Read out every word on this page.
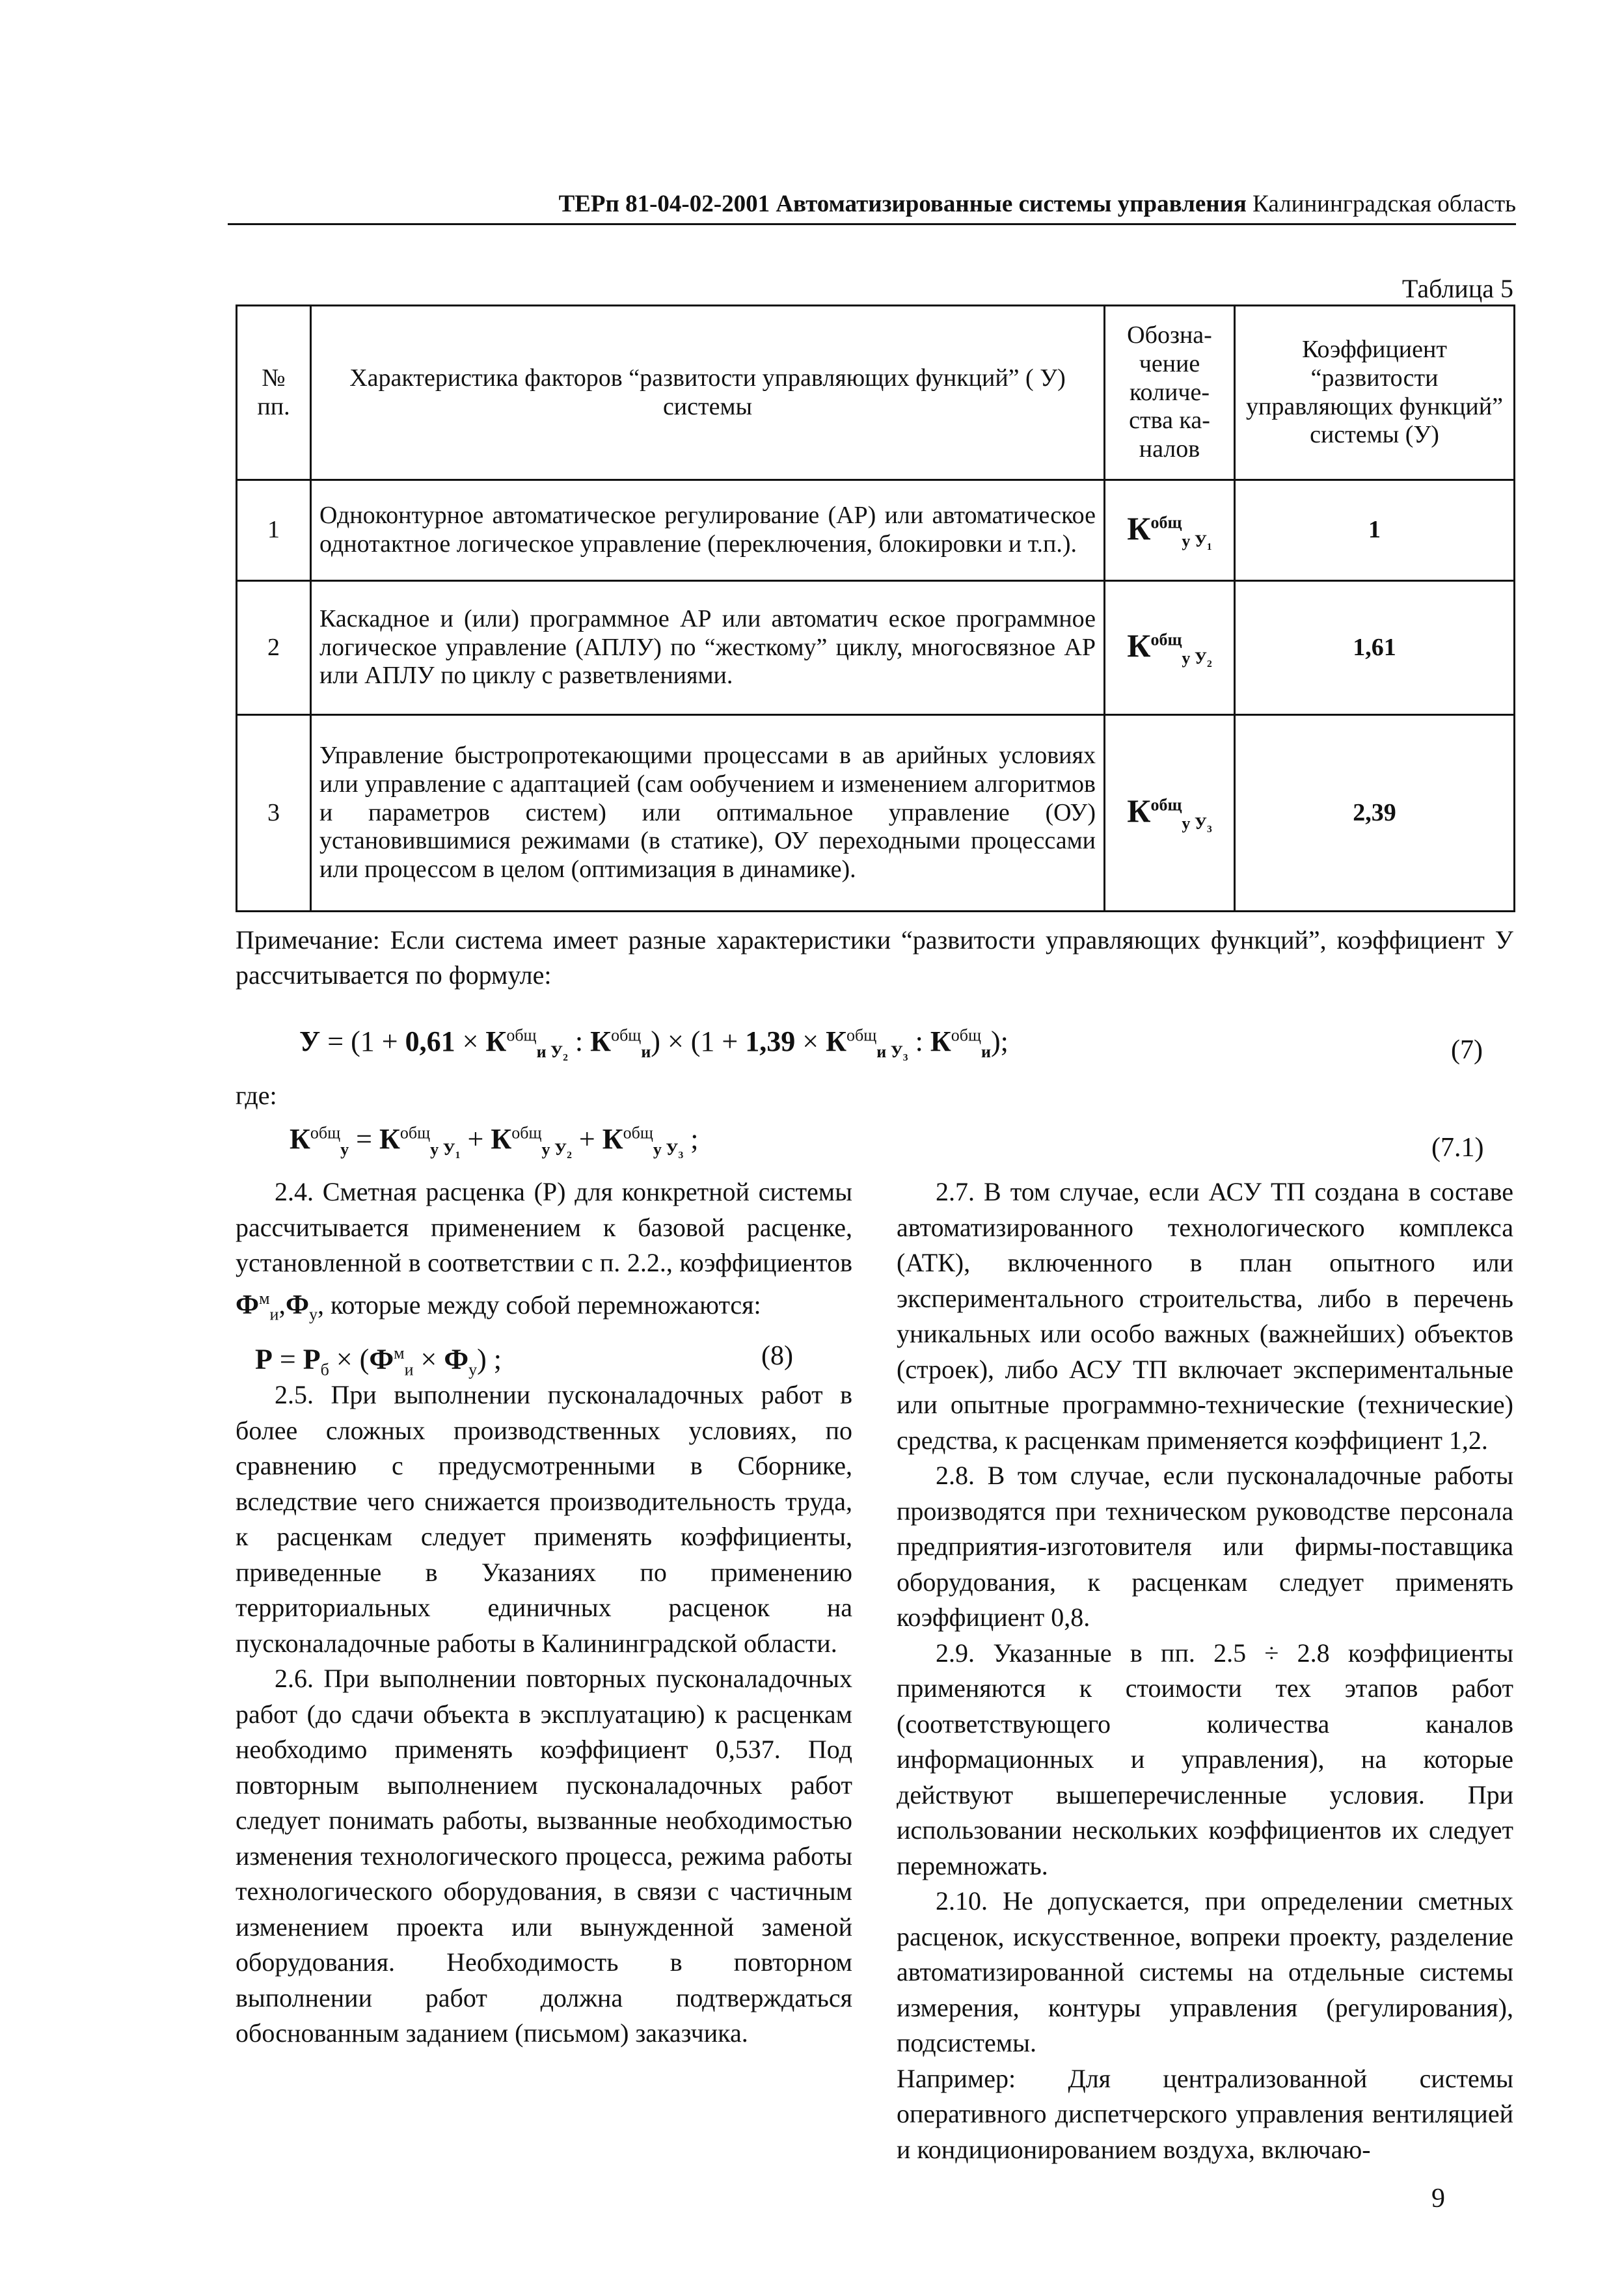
ТЕРп 81-04-02-2001 Автоматизированные системы управления Калининградская область
Таблица 5
№ пп.	Характеристика факторов “развитости управляющих функций” ( У) системы	Обозна- чение количе- ства ка- налов	Коэффициент “развитости управляющих функций” системы (У)
1	Одноконтурное автоматическое регулирование (АР) или автоматическое однотактное логическое управление (переключения, блокировки и т.п.).	$К^{общ}_{у У_1}$	1
2	Каскадное и (или) программное АР или автоматич еское программное логическое управление (АПЛУ) по “жесткому” циклу, многосвязное АР или АПЛУ по циклу с разветвлениями.	$К^{общ}_{у У_2}$	1,61
3	Управление быстропротекающими процессами в ав арийных условиях или управление с адаптацией (сам ообучением и изменением алгоритмов и параметров систем) или оптимальное управление (ОУ) установившимися режимами (в статике), ОУ переходными процессами или процессом в целом (оптимизация в динамике).	$К^{общ}_{у У_3}$	2,39
Примечание: Если система имеет разные характеристики “развитости управляющих функций”, коэффициент У рассчитывается по формуле:
$У = (1 + 0,61 \times К^{общ}_{и У_2}$ : $К^{общ}_и) \times (1 + 1,39 \times К^{общ}_{и У_3}$ : $К^{общ}_и$);	(7)
где:
$К^{общ}_у = К^{общ}_{у У_1} + К^{общ}_{у У_2} + К^{общ}_{у У_3}$ ;	(7.1)

2.4. Сметная расценка (Р) для конкретной системы рассчитывается применением к базовой расценке, установленной в соответствии с п. 2.2., коэффициентов $Ф^м_и,Ф_у$, которые между собой перемножаются:

$Р = Р_б \times (Ф^м_и \times Ф_у)$ ;	(8)

2.5. При выполнении пусконаладочных работ в более сложных производственных условиях, по сравнению с предусмотренными в Сборнике, вследствие чего снижается производительность труда, к расценкам следует применять коэффициенты, приведенные в Указаниях по применению территориальных единичных расценок на пусконаладочные работы в Калининградской области.

2.6. При выполнении повторных пусконаладочных работ (до сдачи объекта в эксплуатацию) к расценкам необходимо применять коэффициент 0,537. Под повторным выполнением пусконаладочных работ следует понимать работы, вызванные необходимостью изменения технологического процесса, режима работы технологического оборудования, в связи с частичным изменением проекта или вынужденной заменой оборудования. Необходимость в повторном выполнении работ должна подтверждаться обоснованным заданием (письмом) заказчика.

2.7. В том случае, если АСУ ТП создана в составе автоматизированного технологического комплекса (АТК), включенного в план опытного или экспериментального строительства, либо в перечень уникальных или особо важных (важнейших) объектов (строек), либо АСУ ТП включает экспериментальные или опытные программно-технические (технические) средства, к расценкам применяется коэффициент 1,2.

2.8. В том случае, если пусконаладочные работы производятся при техническом руководстве персонала предприятия-изготовителя или фирмы-поставщика оборудования, к расценкам следует применять коэффициент 0,8.

2.9. Указанные в пп. 2.5 ÷ 2.8 коэффициенты применяются к стоимости тех этапов работ (соответствующего количества каналов информационных и управления), на которые действуют вышеперечисленные условия. При использовании нескольких коэффициентов их следует перемножать.

2.10. Не допускается, при определении сметных расценок, искусственное, вопреки проекту, разделение автоматизированной системы на отдельные системы измерения, контуры управления (регулирования), подсистемы.

Например: Для централизованной системы оперативного диспетчерского управления вентиляцией и кондиционированием воздуха, включаю-

9
